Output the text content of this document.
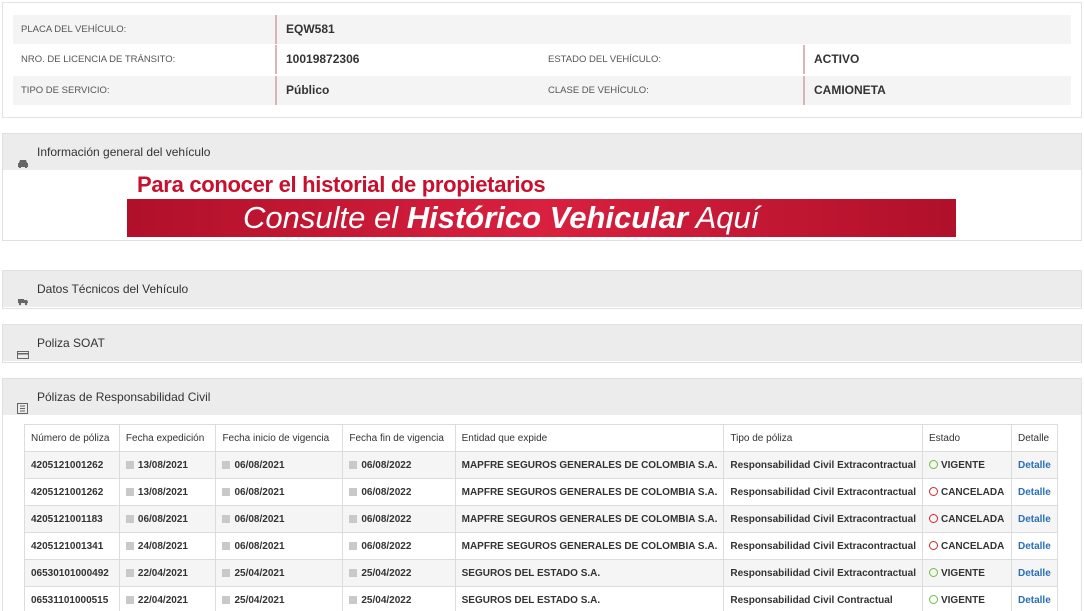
PLACA DEL VEHÍCULO:	EQW581
NRO. DE LICENCIA DE TRÁNSITO:	10019872306	ESTADO DEL VEHÍCULO:	ACTIVO
TIPO DE SERVICIO:	Público	CLASE DE VEHÍCULO:	CAMIONETA
Información general del vehículo
Para conocer el historial de propietarios
Consulte el Histórico Vehicular Aquí
Datos Técnicos del Vehículo
Poliza SOAT
Pólizas de Responsabilidad Civil
Número de póliza	Fecha expedición	Fecha inicio de vigencia	Fecha fin de vigencia	Entidad que expide	Tipo de póliza	Estado	Detalle
4205121001262	13/08/2021	06/08/2021	06/08/2022	MAPFRE SEGUROS GENERALES DE COLOMBIA S.A.	Responsabilidad Civil Extracontractual	VIGENTE	Detalle
4205121001262	13/08/2021	06/08/2021	06/08/2022	MAPFRE SEGUROS GENERALES DE COLOMBIA S.A.	Responsabilidad Civil Extracontractual	CANCELADA	Detalle
4205121001183	06/08/2021	06/08/2021	06/08/2022	MAPFRE SEGUROS GENERALES DE COLOMBIA S.A.	Responsabilidad Civil Extracontractual	CANCELADA	Detalle
4205121001341	24/08/2021	06/08/2021	06/08/2022	MAPFRE SEGUROS GENERALES DE COLOMBIA S.A.	Responsabilidad Civil Extracontractual	CANCELADA	Detalle
06530101000492	22/04/2021	25/04/2021	25/04/2022	SEGUROS DEL ESTADO S.A.	Responsabilidad Civil Extracontractual	VIGENTE	Detalle
06531101000515	22/04/2021	25/04/2021	25/04/2022	SEGUROS DEL ESTADO S.A.	Responsabilidad Civil Contractual	VIGENTE	Detalle
